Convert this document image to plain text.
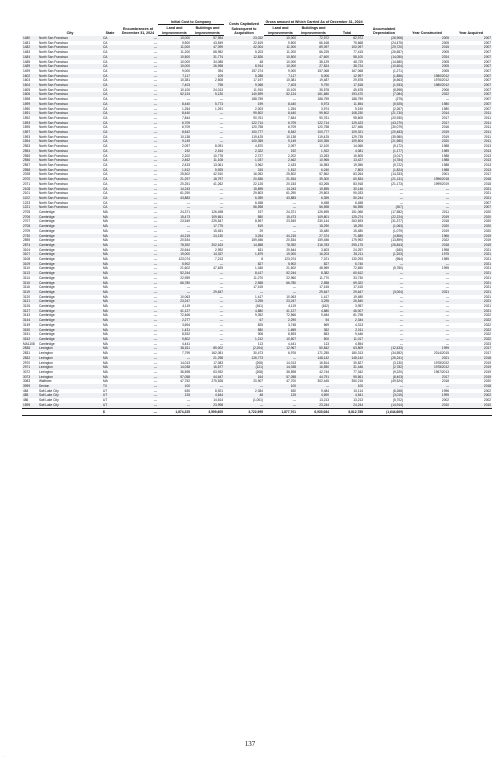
	City	State	Encumbrances at December 31, 2024	Initial Cost to Company		Costs Capitalized Subsequent to Acquisition	Gross amount at Which Carried As of December 31, 2024			Accumulated Depreciation	Year Constructed	Year Acquired
				Land and improvements	Buildings and improvements		Land and improvements	Buildings and improvements	Total			
1480	North San Francisco	CA	—	10,000	57,954	23,032	10,000	72,972	82,972	(26,908)	2005	2007
1481	North San Francisco	CA	—	9,500	43,549	22,619	9,500	66,168	75,668	(24,475)	2005	2007
1482	North San Francisco	CA	—	11,000	47,099	42,004	11,000	89,097	100,097	(29,720)	2015	2007
1483	North San Francisco	CA	—	11,200	68,952	5,203	11,200	66,225	77,415	(26,657)	2005	2007
1484	North San Francisco	CA	—	10,500	31,774	12,826	10,500	47,600	58,100	(14,050)	2024	2007
1485	North San Francisco	CA	—	10,000	34,085	48	10,000	38,129	48,729	(14,680)	2005	2007
1489	North San Francisco	CA	—	10,000	26,998	8,914	10,000	27,824	38,724	(10,604)	2005	2007
1499	North San Francisco	CA	—	9,000	394	157,274	9,000	157,068	167,068	(1,271)	2005	2007
1602	North San Francisco	CA	—	7,117	109	5,288	7,117	5,006	12,997	(1,856)	1980/2012	2007
1603	North San Francisco	CA	—	10,381	2,508	17,197	10,381	19,487	29,878	(6,563)	1976/2012	2007
1604	North San Francisco	CA	—	7,403	798	9,068	7,403	9,790	17,518	(1,933)	1980/2012	2007
1605	North San Francisco	CA	—	10,100	24,013	11,910	10,100	35,578	45,678	(8,598)	2006	2007
1606	North San Francisco	CA	—	52,124	5,130	140,599	52,124	161,680	193,470	(7,084)	2022	2007
1598	North San Francisco	CA	—	—	—	188,759	—	188,759	188,759	(275)	—	2007
1599	North San Francisco	CA	—	8,440	5,773	199	8,440	5,973	11,554	(5,925)	1980	2007
1590	North San Francisco	CA	—	1,254	1,291	2,003	1,254	3,974	5,190	(2,267)	1980	2007
1591	North San Francisco	CA	—	8,440	—	99,502	8,440	99,502	108,230	(21,730)	2014	2011
1592	North San Francisco	CA	—	7,844	—	90,761	7,844	90,761	98,605	(20,930)	2017	2011
1593	North San Francisco	CA	—	6,709	—	122,714	6,709	122,714	129,423	(43,270)	2017	2011
1595	North San Francisco	CA	—	6,709	—	120,758	6,709	120,758	127,466	(30,079)	2016	2011
1597	North San Francisco	CA	—	8,542	—	100,777	8,542	100,777	109,321	(20,483)	2019	2011
1593	North San Francisco	CA	—	10,138	—	119,425	10,138	119,425	129,735	(35,980)	2019	2011
1594	North San Francisco	CA	—	9,149	—	100,355	9,149	100,355	109,504	(21,980)	2020	2011
2553	North San Francisco	CA	—	2,097	8,091	4,870	2,097	12,100	14,066	(5,172)	1988	2013
2554	North San Francisco	CA	—	192	2,154	2,322	192	1,922	4,081	(1,177)	1989	2013
2555	North San Francisco	CA	—	2,202	10,778	2,727	2,202	13,283	15,505	(3,017)	1988	2013
2556	North San Francisco	CA	—	2,462	11,108	1,037	2,462	10,965	13,427	(4,784)	1988	2013
2557	North San Francisco	CA	—	2,433	13,061	3,962	2,433	16,983	19,356	(5,722)	1988	2013
2558	North San Francisco	CA	—	1,512	5,925	315	1,512	6,240	7,803	(1,824)	1988	2013
2028	North San Francisco	CA	—	25,502	42,910	16,052	25,502	57,562	83,264	(14,333)	2001	2017
2070	North San Francisco	CA	—	21,297	18,797	20,836	21,534	39,300	60,834	(21,131)	1996/2018	2018
2071	North San Francisco	CA	—	20,251	41,262	22,125	20,153	63,265	83,918	(21,173)	1999/2019	2018
2108	North San Francisco	CA	—	14,243	—	15,895	14,243	15,895	30,146	—	—	2021
2101	North San Francisco	CA	—	61,290	—	29,803	61,290	29,803	90,033	—	—	2021
1102	North San Francisco	CA	—	43,883	—	6,359	43,883	6,359	50,244	—	—	2021
1223	North San Francisco	CA	—	—	—	6,458	—	6,458	6,458	—	—	2007
1221	North San Francisco	CA	—	—	—	56,598	—	56,598	56,598	(307)	—	2007
2705	Cambridge	MA	—	24,371	126,498	197	24,371	126,695	151,066	(17,582)	2011	2020
2706	Cambridge	MA	—	15,473	109,651	850	15,473	109,801	125,274	(22,224)	2019	2020
2707	Cambridge	MA	—	23,549	225,547	8,597	23,549	230,144	263,693	(31,377)	2018	2020
2708	Cambridge	MA	—	—	17,775	519	—	18,290	18,290	(1,063)	2020	2020
2709	Cambridge	MA	—	—	15,451	29	—	15,480	15,480	(1,079)	2019	2020
2730	Cambridge	MA	—	44,215	24,130	3,254	44,215	27,374	71,589	(4,806)	1966	2019
2895	Cambridge	MA	—	20,534	—	159,456	20,534	159,456	179,992	(13,899)	2022	2019
2874	Cambridge	MA	—	78,392	202,163	14,858	78,392	216,783	295,175	(26,843)	2018	2019
3104	Cambridge	MA	—	20,644	2,992	631	20,644	3,603	24,257	(180)	1998	2021
3107	Cambridge	MA	—	19,000	14,337	1,879	19,000	16,203	35,211	(1,203)	1975	2021
3108	Cambridge	MA	—	123,074	7,213	8	123,074	7,221	130,293	(964)	1985	2021
3109	Cambridge	MA	—	5,902	—	827	5,902	827	6,740	—	—	2021
3110	Cambridge	MA	—	21,602	47,625	1,345	21,602	48,969	72,650	(5,780)	1995	2021
3113	Cambridge	MA	—	52,244	—	8,417	52,244	8,382	60,612	—	—	2021
3114	Cambridge	MA	—	22,959	—	11,270	22,960	11,770	33,730	—	—	2021
3115	Cambridge	MA	—	66,780	—	2,558	66,780	2,558	69,322	—	—	2021
3116	Cambridge	MA	—	—	—	17,415	—	17,415	17,415	—	—	2021
3119	Cambridge	MA	—	—	29,647	—	—	29,647	29,647	(3,004)	2021	2021
3120	Cambridge	MA	—	10,063	—	1,417	10,063	1,417	19,480	—	—	2021
3121	Cambridge	MA	—	23,247	—	3,295	23,247	3,295	26,540	—	—	2021
3126	Cambridge	MA	—	4,119	—	(161)	4,119	(162)	3,957	—	—	2021
3127	Cambridge	MA	—	41,127	—	4,880	41,127	4,880	46,007	—	—	2021
3143	Cambridge	MA	—	72,466	—	9,392	72,566	9,484	81,798	—	—	2022
3144	Cambridge	MA	—	2,277	—	67	2,290	54	2,344	—	—	2022
3149	Cambridge	MA	—	3,694	—	825	3,748	569	4,313	—	—	2022
3150	Cambridge	MA	—	1,431	—	580	1,659	352	2,011	—	—	2022
3151	Cambridge	MA	—	8,532	—	908	8,593	853	9,446	—	—	2022
3152	Cambridge	MA	—	9,802	—	1,212	10,507	500	11,017	—	—	2022
MA1108	Cambridge	MA	—	4,441	—	113	4,441	113	4,554	—	—	2023
2836	Lexington	MA	—	36,811	89,002	(2,204)	12,967	50,842	63,809	(12,433)	1999	2017
2831	Lexington	MA	—	7,799	162,081	30,473	6,976	171,255	180,313	(34,552)	2014/2015	2017
2832	Lexington	MA	—	—	21,298	126,773	—	148,142	148,142	(25,241)	2021	2018
2970	Lexington	MA	—	14,013	17,083	(208)	14,013	16,814	30,827	(3,130)	1978/2022	2019
2971	Lexington	MA	—	14,038	16,677	(121)	14,038	16,550	31,446	(2,782)	1978/2012	2019
3072	Lexington	MA	—	36,598	63,932	(208)	36,598	42,744	77,342	(9,220)	1967/2013	2019
3073	Lexington	MA	—	57,058	44,647	164	57,058	44,791	95,561	(8,403)	2017	2019
3083	Waltham	MA	—	47,752	275,528	20,907	47,700	302,445	350,215	(49,524)	2018	2020
3999	Denton	TX	—	100	—	—	100	—	100	—	—	2018
484	Salt Lake City	UT	—	630	8,921	2,354	630	9,484	10,114	(8,268)	1996	2002
485	Salt Lake City	UT	—	125	4,644	48	125	4,690	4,541	(3,015)	1999	2002
486	Salt Lake City	UT	—	—	14,614	(1,001)	—	13,213	13,213	(5,702)	2002	2002
1595	Salt Lake City	UT	—	—	23,998	—	—	23,244	24,244	(14,914)	2010	2010
		$	—	1,874,225	3,599,605	3,722,995	1,877,701	6,935,084	8,812,785	(1,644,669)		
137
·
